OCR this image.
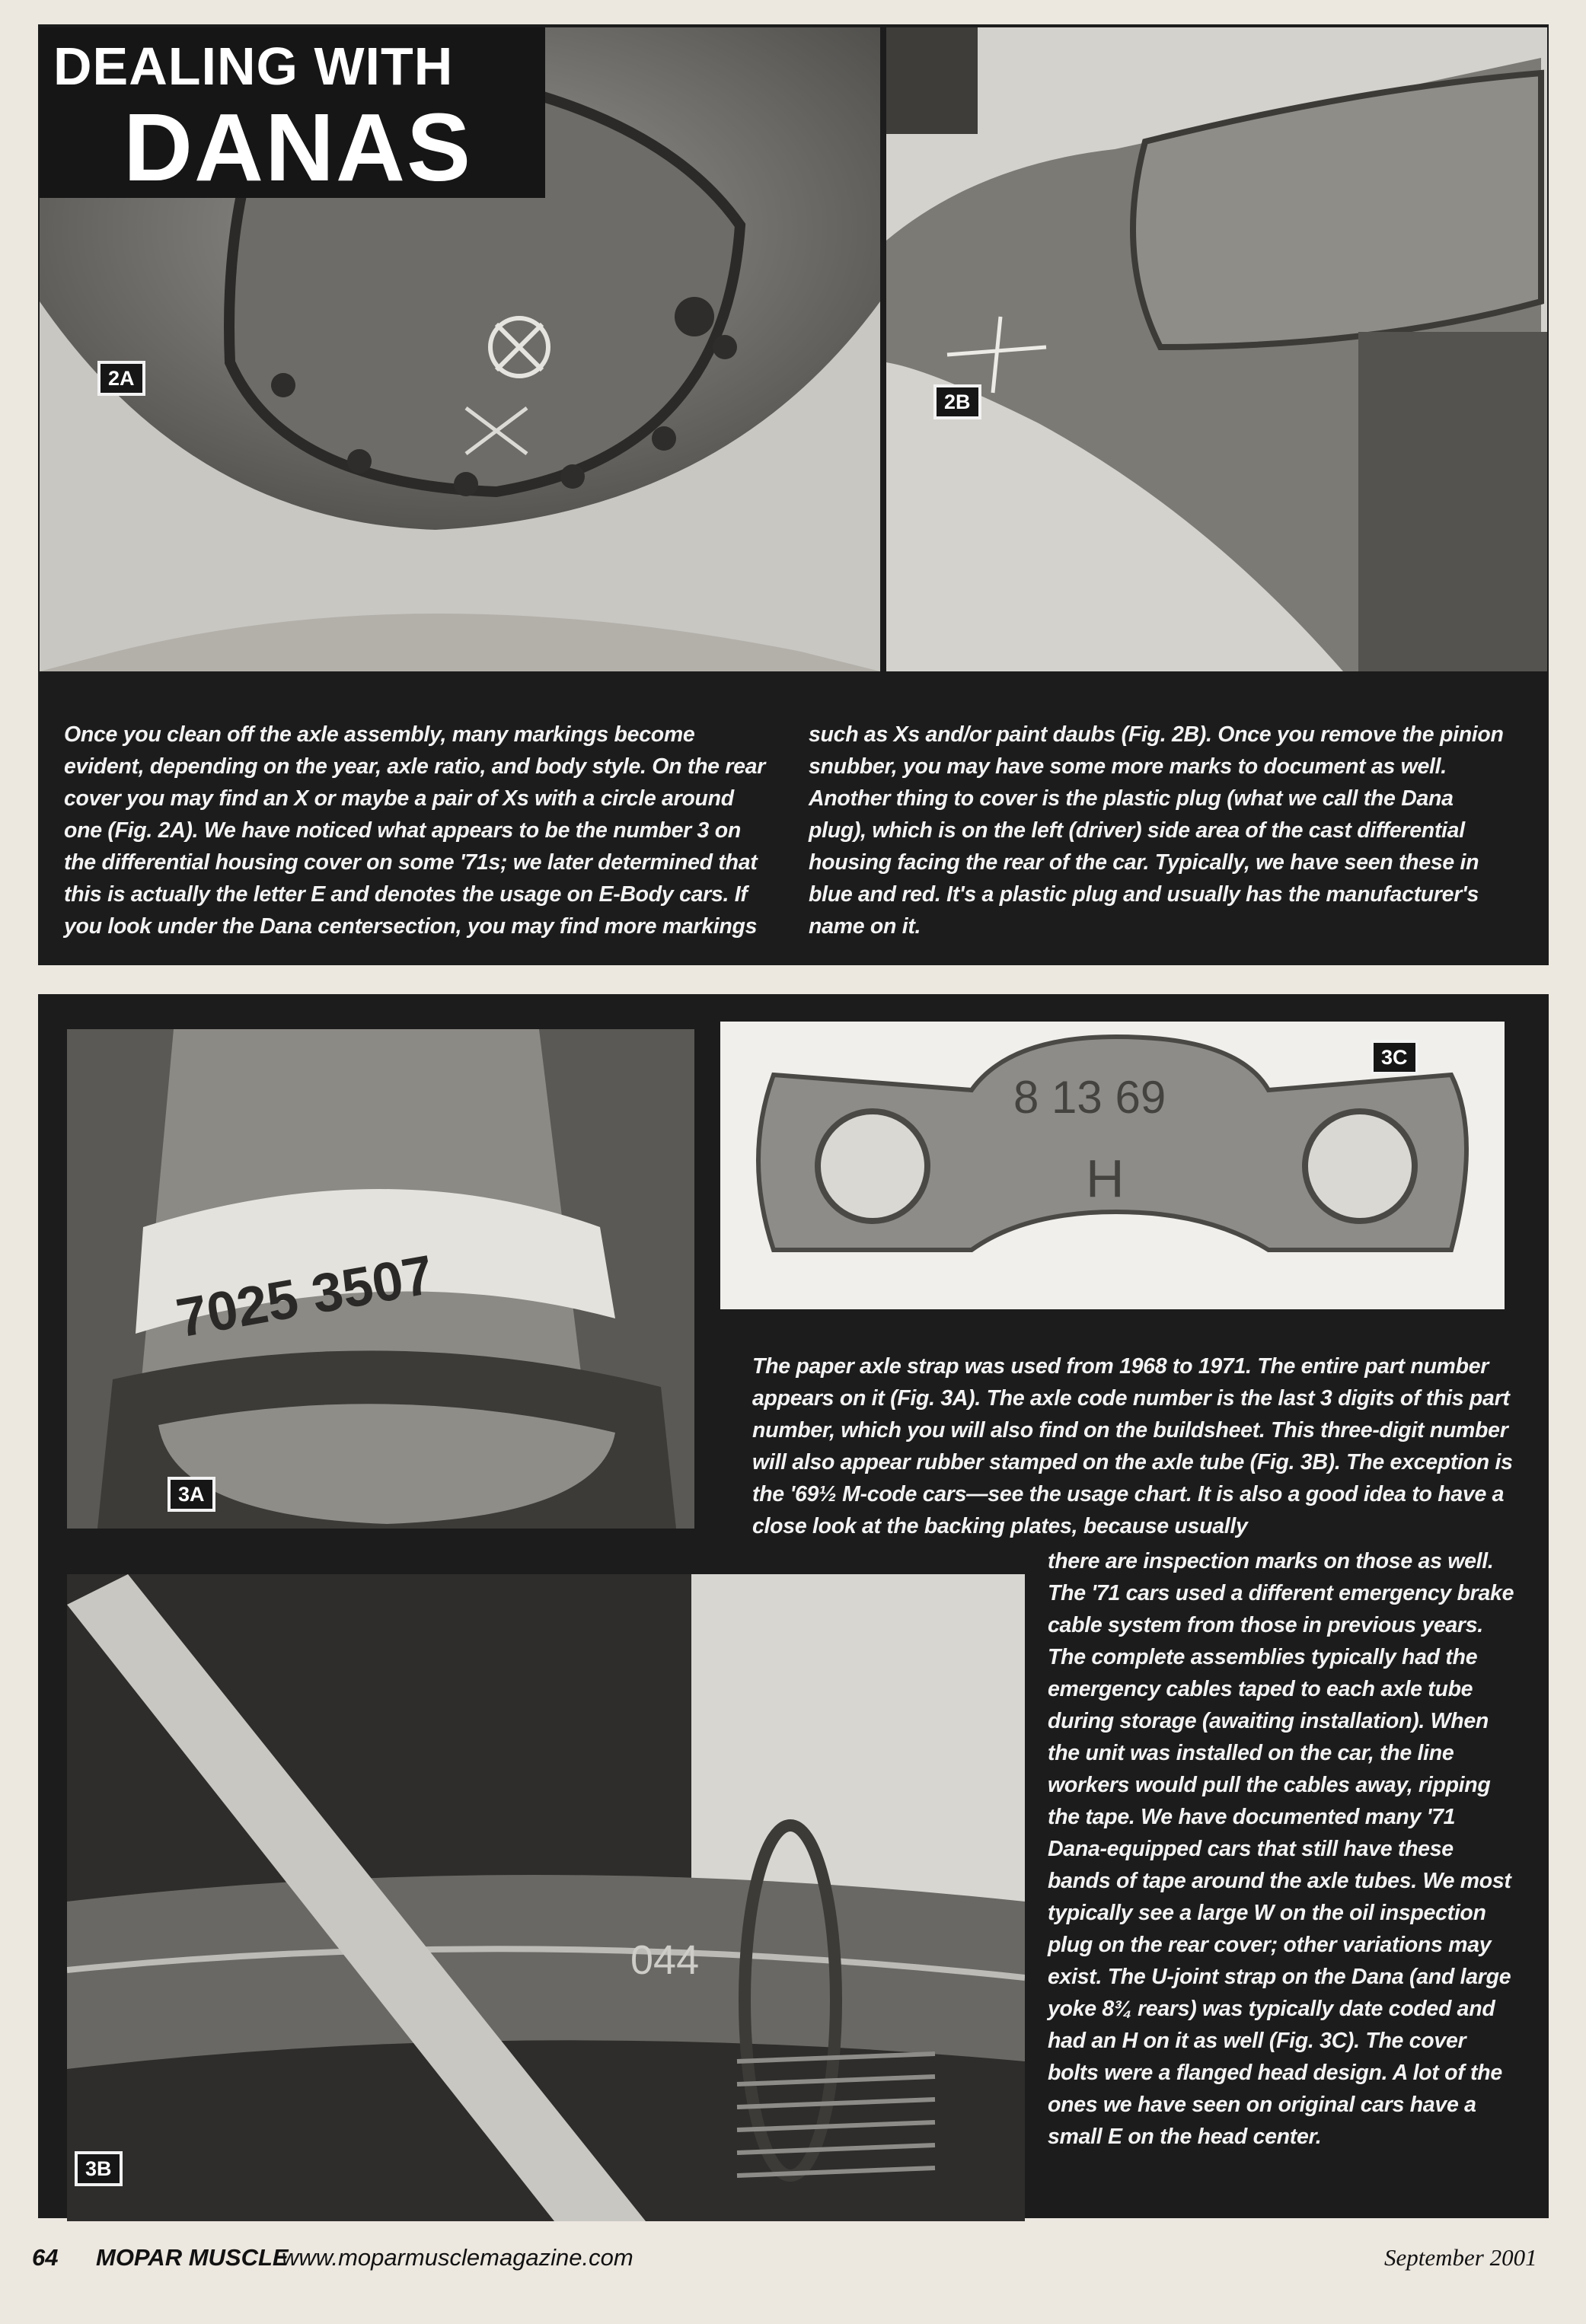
DEALING WITH
DANAS
2A
2B

Once you clean off the axle assembly, many markings become evident, depending on the year, axle ratio, and body style. On the rear cover you may find an X or maybe a pair of Xs with a circle around one (Fig. 2A). We have noticed what appears to be the number 3 on the differential housing cover on some '71s; we later determined that this is actually the letter E and denotes the usage on E-Body cars. If you look under the Dana centersection, you may find more markings

such as Xs and/or paint daubs (Fig. 2B). Once you remove the pinion snubber, you may have some more marks to document as well. Another thing to cover is the plastic plug (what we call the Dana plug), which is on the left (driver) side area of the cast differential housing facing the rear of the car. Typically, we have seen these in blue and red. It's a plastic plug and usually has the manufacturer's name on it.

7025 3507
3A
8 13 69
H
3C

The paper axle strap was used from 1968 to 1971. The entire part number appears on it (Fig. 3A). The axle code number is the last 3 digits of this part number, which you will also find on the buildsheet. This three-digit number will also appear rubber stamped on the axle tube (Fig. 3B). The exception is the '69½ M-code cars—see the usage chart. It is also a good idea to have a close look at the backing plates, because usually

044
3B

there are inspection marks on those as well. The '71 cars used a different emergency brake cable system from those in previous years. The complete assemblies typically had the emergency cables taped to each axle tube during storage (awaiting installation). When the unit was installed on the car, the line workers would pull the cables away, ripping the tape. We have documented many '71 Dana-equipped cars that still have these bands of tape around the axle tubes. We most typically see a large W on the oil inspection plug on the rear cover; other variations may exist. The U-joint strap on the Dana (and large yoke 8¾ rears) was typically date coded and had an H on it as well (Fig. 3C). The cover bolts were a flanged head design. A lot of the ones we have seen on original cars have a small E on the head center.

64 MOPAR MUSCLE
www.moparmusclemagazine.com	September 2001
